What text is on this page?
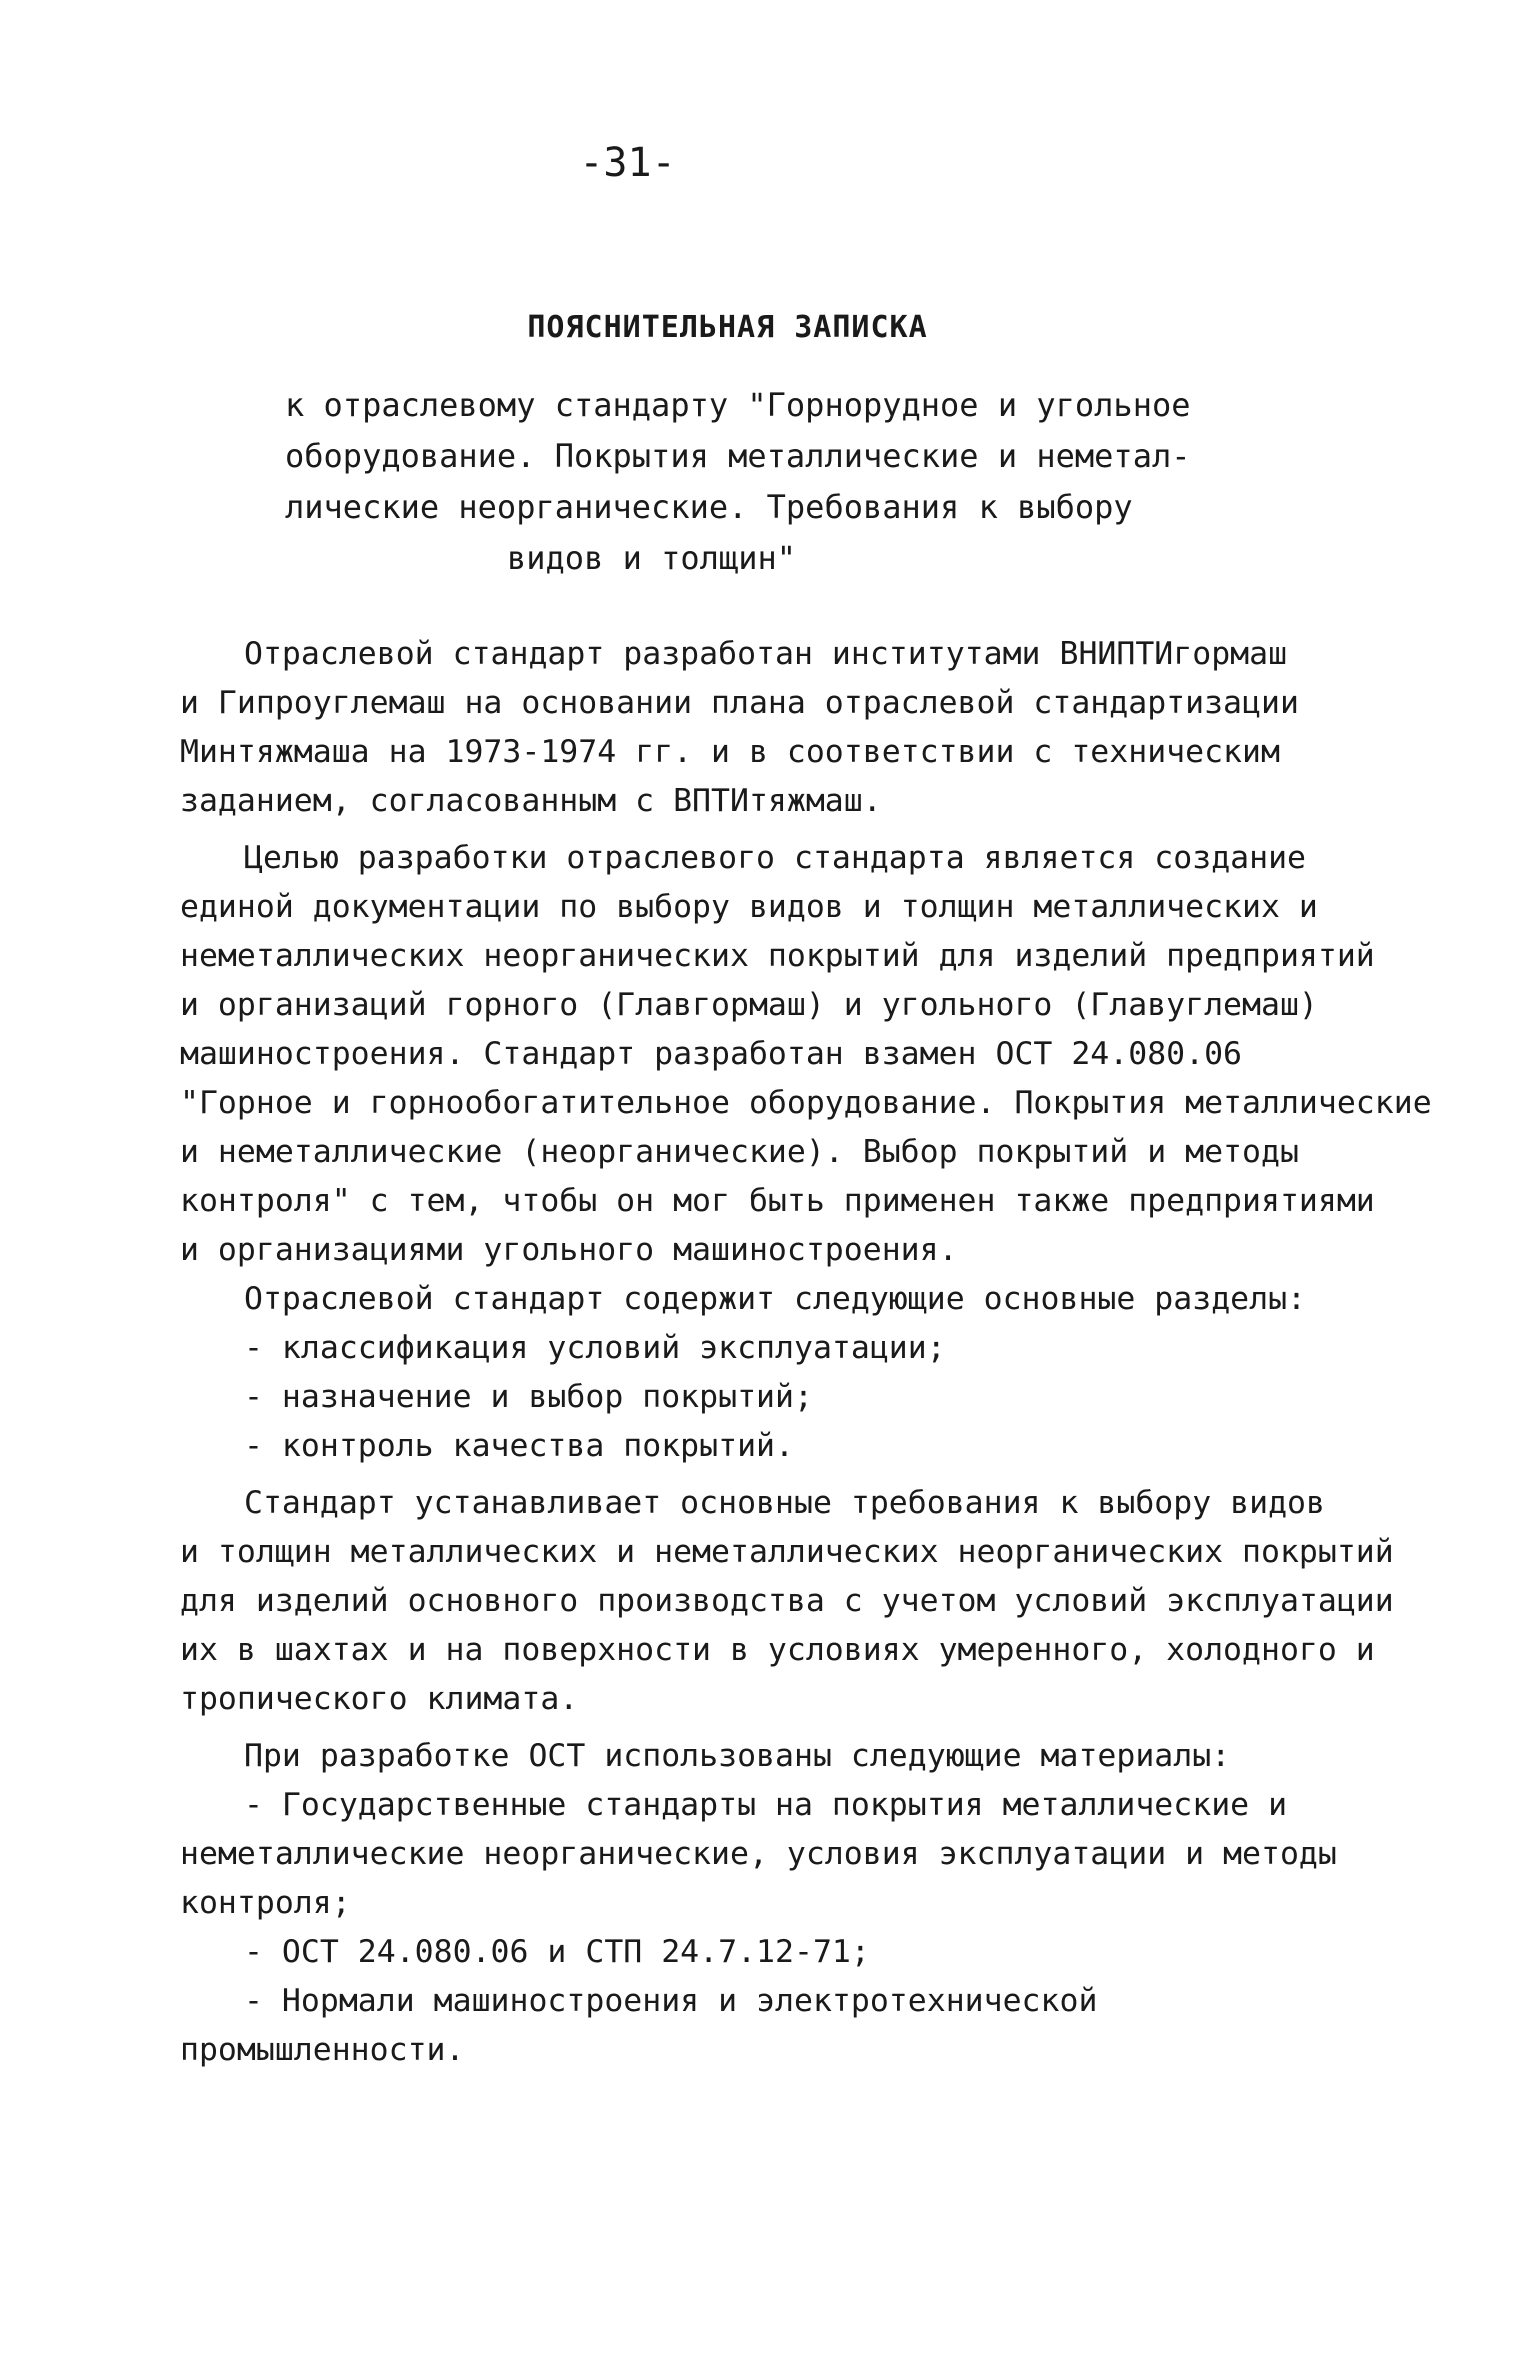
-31-
ПОЯСНИТЕЛЬНАЯ ЗАПИСКА
к отраслевому стандарту "Горнорудное и угольное
оборудование. Покрытия металлические и неметал-
лические неорганические. Требования к выбору
видов и толщин"
Отраслевой стандарт разработан институтами ВНИПТИгормаш
и Гипроуглемаш на основании плана отраслевой стандартизации
Минтяжмаша на 1973-1974 гг. и в соответствии с техническим
заданием, согласованным с ВПТИтяжмаш.
Целью разработки отраслевого стандарта является создание
единой документации по выбору видов и толщин металлических и
неметаллических неорганических покрытий для изделий предприятий
и организаций горного (Главгормаш) и угольного (Главуглемаш)
машиностроения. Стандарт разработан взамен ОСТ 24.080.06
"Горное и горнообогатительное оборудование. Покрытия металлические
и неметаллические (неорганические). Выбор покрытий и методы
контроля" с тем, чтобы он мог быть применен также предприятиями
и организациями угольного машиностроения.
Отраслевой стандарт содержит следующие основные разделы:
- классификация условий эксплуатации;
- назначение и выбор покрытий;
- контроль качества покрытий.
Стандарт устанавливает основные требования к выбору видов
и толщин металлических и неметаллических неорганических покрытий
для изделий основного производства с учетом условий эксплуатации
их в шахтах и на поверхности в условиях умеренного, холодного и
тропического климата.
При разработке ОСТ использованы следующие материалы:
- Государственные стандарты на покрытия металлические и
неметаллические неорганические, условия эксплуатации и методы
контроля;
- ОСТ 24.080.06 и СТП 24.7.12-71;
- Нормали машиностроения и электротехнической
промышленности.
